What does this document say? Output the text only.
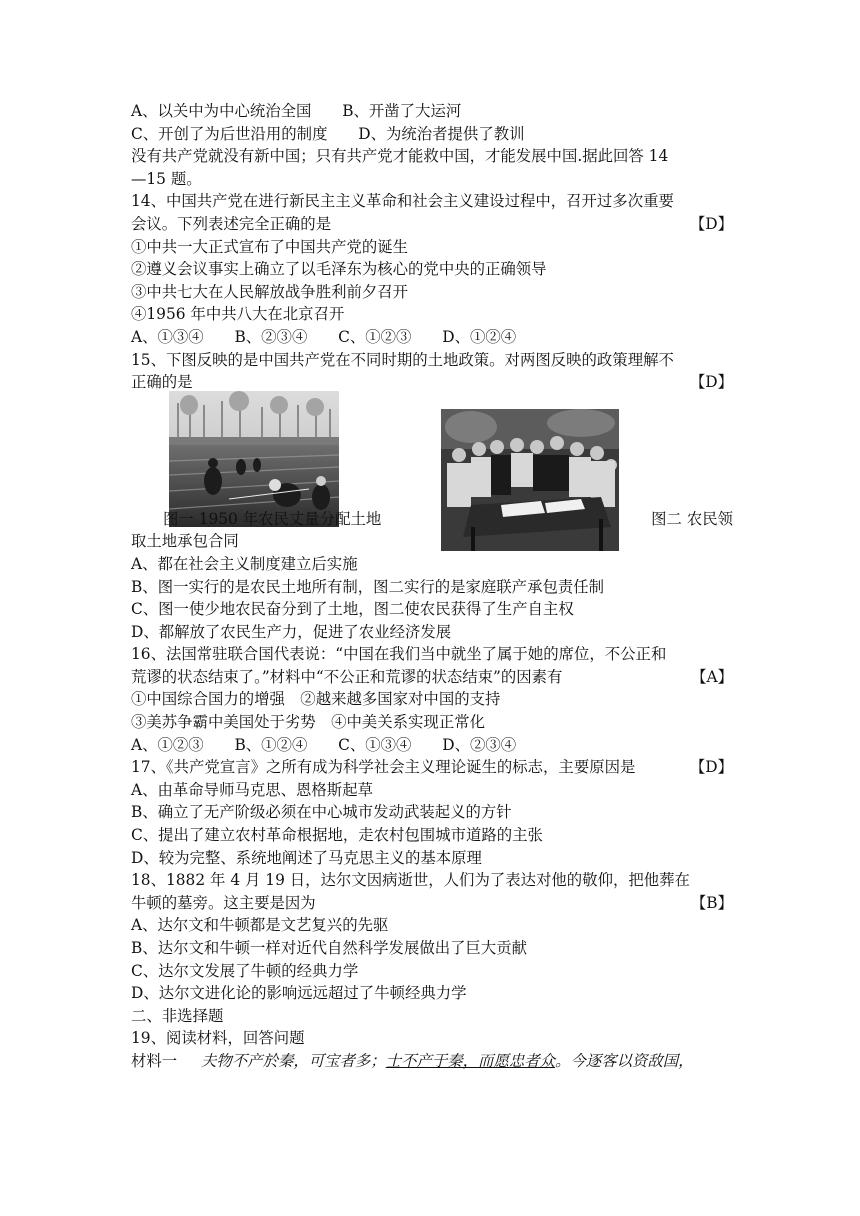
A、以关中为中心统治全国　　B、开凿了大运河
C、开创了为后世沿用的制度　　D、为统治者提供了教训
没有共产党就没有新中国；只有共产党才能救中国，才能发展中国.据此回答 14
—15 题。
14、中国共产党在进行新民主主义革命和社会主义建设过程中，召开过多次重要
会议。下列表述完全正确的是	【D】
①中共一大正式宣布了中国共产党的诞生
②遵义会议事实上确立了以毛泽东为核心的党中央的正确领导
③中共七大在人民解放战争胜利前夕召开
④1956 年中共八大在北京召开
A、①③④　　B、②③④　　C、①②③　　D、①②④
15、下图反映的是中国共产党在不同时期的土地政策。对两图反映的政策理解不
正确的是	【D】
图一 1950 年农民丈量分配土地	图二 农民领
取土地承包合同
A、都在社会主义制度建立后实施
B、图一实行的是农民土地所有制，图二实行的是家庭联产承包责任制
C、图一使少地农民奋分到了土地，图二使农民获得了生产自主权
D、都解放了农民生产力，促进了农业经济发展
16、法国常驻联合国代表说：“中国在我们当中就坐了属于她的席位，不公正和
荒谬的状态结束了。”材料中“不公正和荒谬的状态结束”的因素有	【A】
①中国综合国力的增强　②越来越多国家对中国的支持
③美苏争霸中美国处于劣势　④中美关系实现正常化
A、①②③　　B、①②④　　C、①③④　　D、②③④
17、《共产党宣言》之所有成为科学社会主义理论诞生的标志，主要原因是	【D】
A、由革命导师马克思、恩格斯起草
B、确立了无产阶级必须在中心城市发动武装起义的方针
C、提出了建立农村革命根据地，走农村包围城市道路的主张
D、较为完整、系统地阐述了马克思主义的基本原理
18、1882 年 4 月 19 日，达尔文因病逝世，人们为了表达对他的敬仰，把他葬在
牛顿的墓旁。这主要是因为	【B】
A、达尔文和牛顿都是文艺复兴的先驱
B、达尔文和牛顿一样对近代自然科学发展做出了巨大贡献
C、达尔文发展了牛顿的经典力学
D、达尔文进化论的影响远远超过了牛顿经典力学
二、非选择题
19、阅读材料，回答问题
材料一 夫物不产於秦，可宝者多；士不产于秦，而愿忠者众。今逐客以资敌国，
